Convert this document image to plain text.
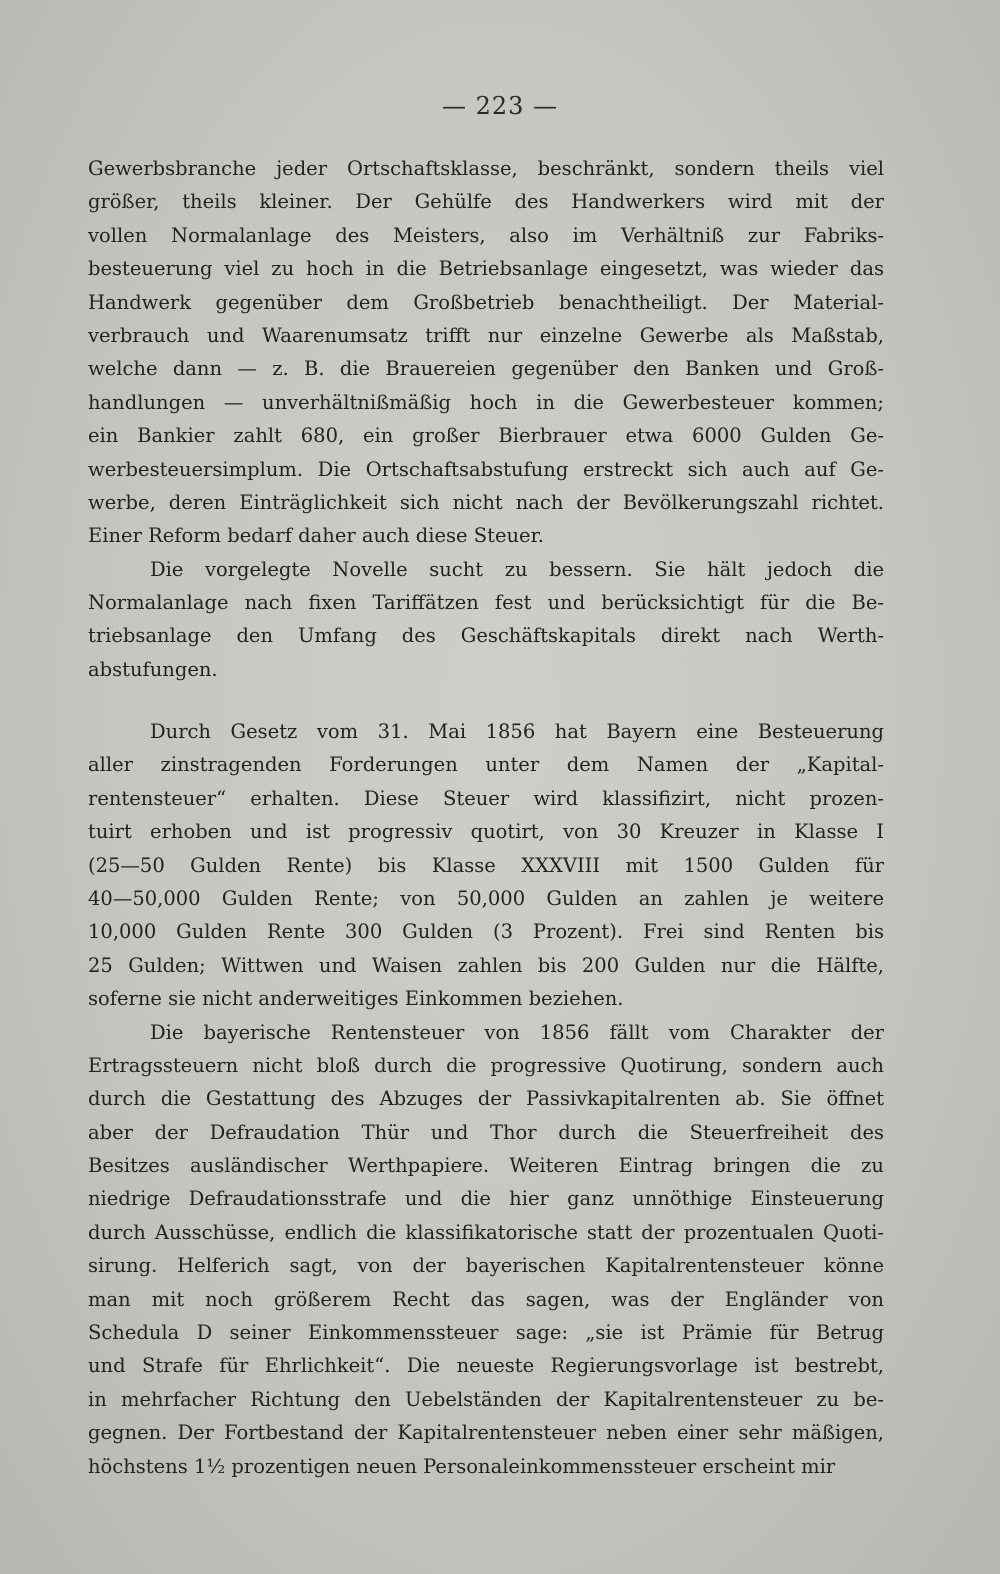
— 223 —
Gewerbsbranche jeder Ortschaftsklasse, beschränkt, sondern theils viel
größer, theils kleiner. Der Gehülfe des Handwerkers wird mit der
vollen Normalanlage des Meisters, also im Verhältniß zur Fabriks-
besteuerung viel zu hoch in die Betriebsanlage eingesetzt, was wieder das
Handwerk gegenüber dem Großbetrieb benachtheiligt. Der Material-
verbrauch und Waarenumsatz trifft nur einzelne Gewerbe als Maßstab,
welche dann — z. B. die Brauereien gegenüber den Banken und Groß-
handlungen — unverhältnißmäßig hoch in die Gewerbesteuer kommen;
ein Bankier zahlt 680, ein großer Bierbrauer etwa 6000 Gulden Ge-
werbesteuersimplum. Die Ortschaftsabstufung erstreckt sich auch auf Ge-
werbe, deren Einträglichkeit sich nicht nach der Bevölkerungszahl richtet.
Einer Reform bedarf daher auch diese Steuer.
Die vorgelegte Novelle sucht zu bessern. Sie hält jedoch die
Normalanlage nach fixen Tariffätzen fest und berücksichtigt für die Be-
triebsanlage den Umfang des Geschäftskapitals direkt nach Werth-
abstufungen.
Durch Gesetz vom 31. Mai 1856 hat Bayern eine Besteuerung
aller zinstragenden Forderungen unter dem Namen der „Kapital-
rentensteuer“ erhalten. Diese Steuer wird klassifizirt, nicht prozen-
tuirt erhoben und ist progressiv quotirt, von 30 Kreuzer in Klasse I
(25—50 Gulden Rente) bis Klasse XXXVIII mit 1500 Gulden für
40—50,000 Gulden Rente; von 50,000 Gulden an zahlen je weitere
10,000 Gulden Rente 300 Gulden (3 Prozent). Frei sind Renten bis
25 Gulden; Wittwen und Waisen zahlen bis 200 Gulden nur die Hälfte,
soferne sie nicht anderweitiges Einkommen beziehen.
Die bayerische Rentensteuer von 1856 fällt vom Charakter der
Ertragssteuern nicht bloß durch die progressive Quotirung, sondern auch
durch die Gestattung des Abzuges der Passivkapitalrenten ab. Sie öffnet
aber der Defraudation Thür und Thor durch die Steuerfreiheit des
Besitzes ausländischer Werthpapiere. Weiteren Eintrag bringen die zu
niedrige Defraudationsstrafe und die hier ganz unnöthige Einsteuerung
durch Ausschüsse, endlich die klassifikatorische statt der prozentualen Quoti-
sirung. Helferich sagt, von der bayerischen Kapitalrentensteuer könne
man mit noch größerem Recht das sagen, was der Engländer von
Schedula D seiner Einkommenssteuer sage: „sie ist Prämie für Betrug
und Strafe für Ehrlichkeit“. Die neueste Regierungsvorlage ist bestrebt,
in mehrfacher Richtung den Uebelständen der Kapitalrentensteuer zu be-
gegnen. Der Fortbestand der Kapitalrentensteuer neben einer sehr mäßigen,
höchstens 1½ prozentigen neuen Personaleinkommenssteuer erscheint mir
